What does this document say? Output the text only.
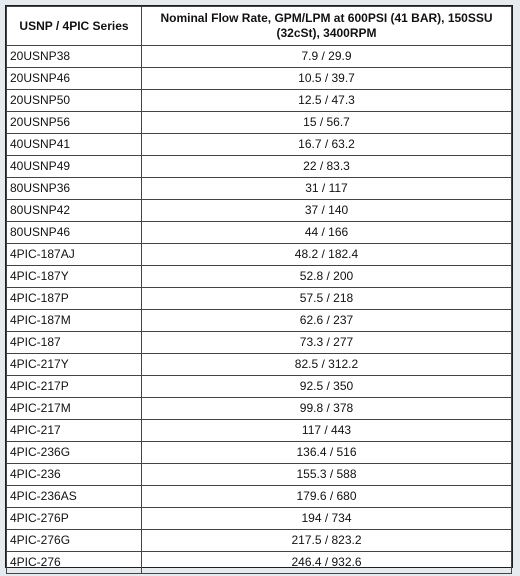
USNP / 4PIC Series	Nominal Flow Rate, GPM/LPM at 600PSI (41 BAR), 150SSU (32cSt), 3400RPM
20USNP38	7.9 / 29.9
20USNP46	10.5 / 39.7
20USNP50	12.5 / 47.3
20USNP56	15 / 56.7
40USNP41	16.7 / 63.2
40USNP49	22 / 83.3
80USNP36	31 / 117
80USNP42	37 / 140
80USNP46	44 / 166
4PIC-187AJ	48.2 / 182.4
4PIC-187Y	52.8 / 200
4PIC-187P	57.5 / 218
4PIC-187M	62.6 / 237
4PIC-187	73.3 / 277
4PIC-217Y	82.5 / 312.2
4PIC-217P	92.5 / 350
4PIC-217M	99.8 / 378
4PIC-217	117 / 443
4PIC-236G	136.4 / 516
4PIC-236	155.3 / 588
4PIC-236AS	179.6 / 680
4PIC-276P	194 / 734
4PIC-276G	217.5 / 823.2
4PIC-276	246.4 / 932.6
